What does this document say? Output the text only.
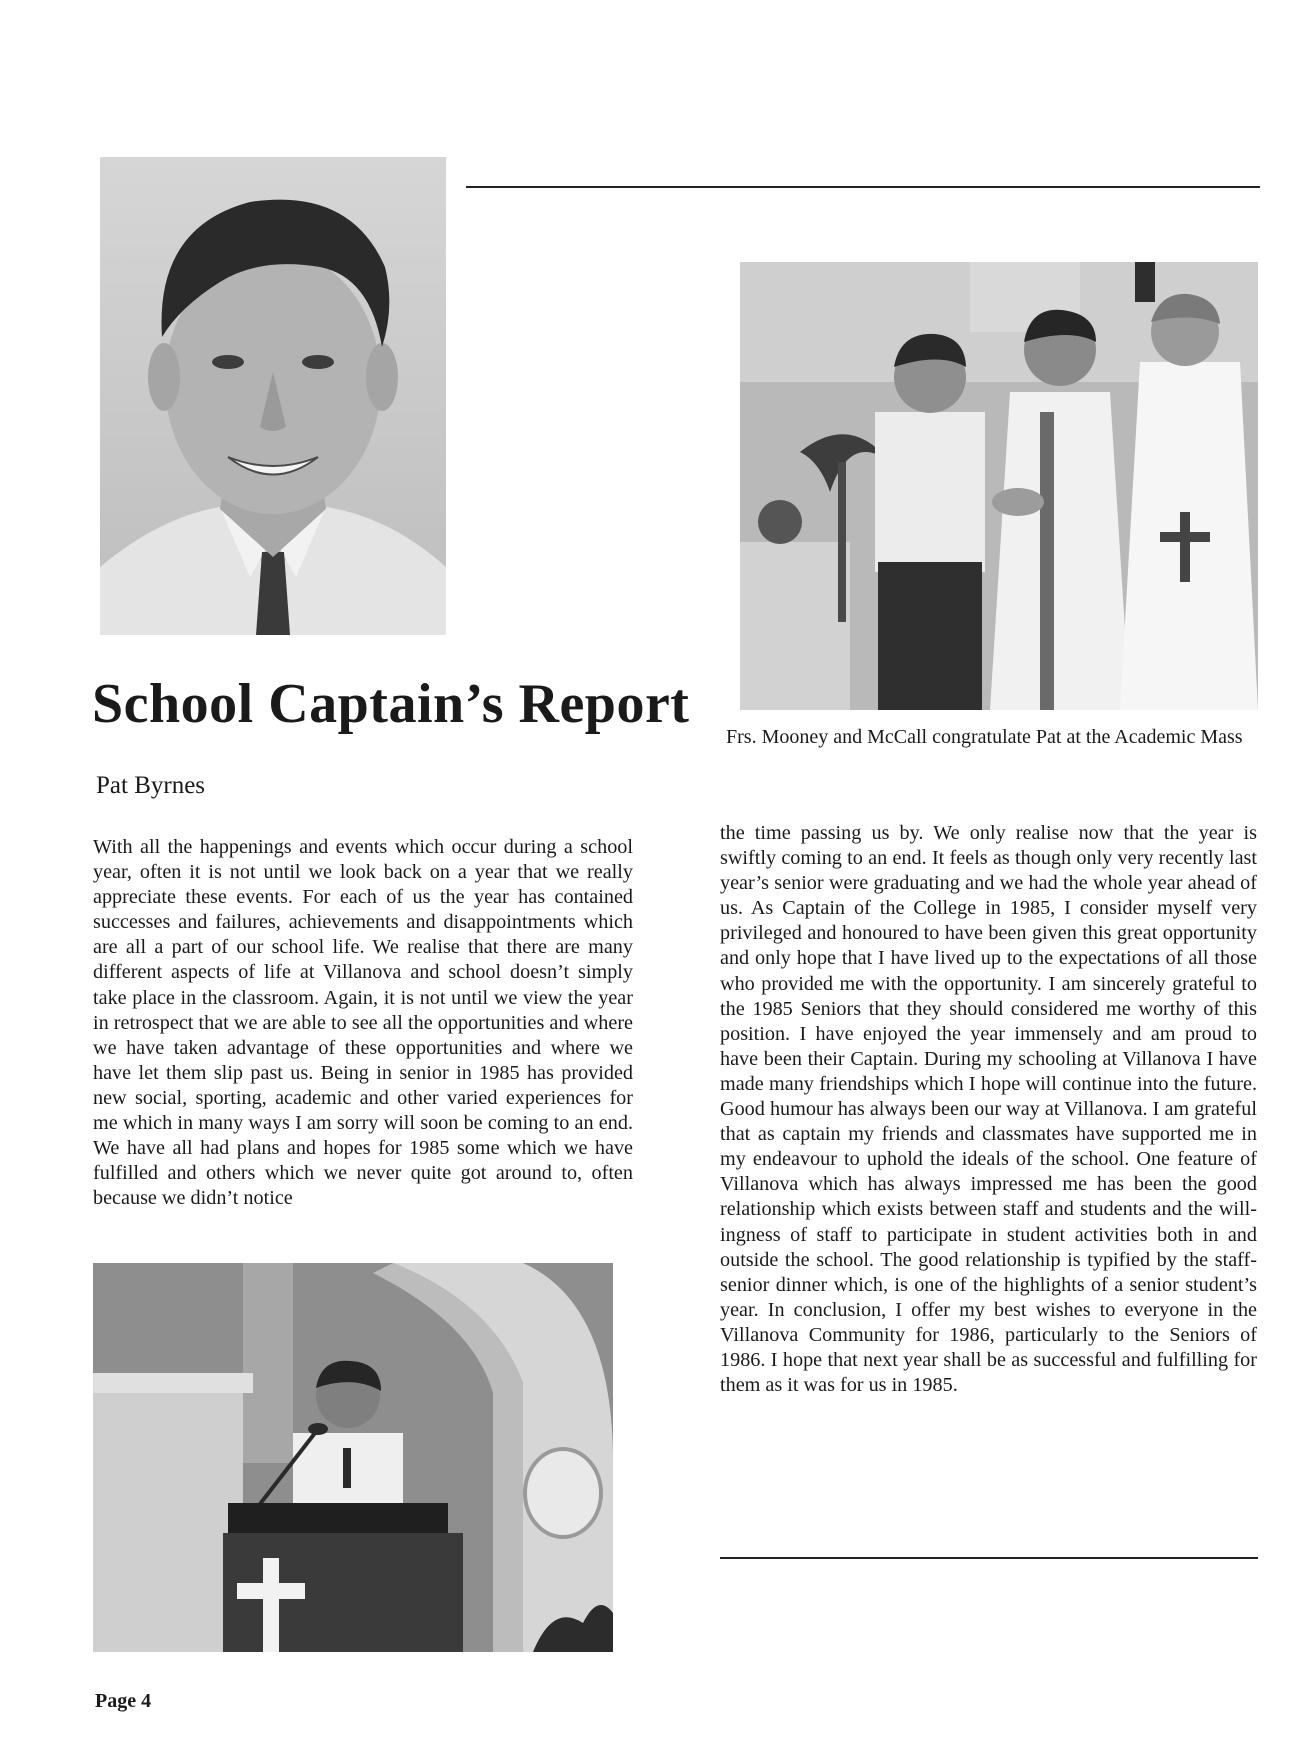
School Captain’s Report

Pat Byrnes

Frs. Mooney and McCall congratulate Pat at the Academic Mass

With all the happenings and events which occur during a school year, often it is not until we look back on a year that we really appreciate these events. For each of us the year has contained successes and failures, achievements and disappointments which are all a part of our school life. We realise that there are many different aspects of life at Villanova and school doesn’t simply take place in the classroom. Again, it is not until we view the year in retrospect that we are able to see all the opportunities and where we have taken advantage of these opportunities and where we have let them slip past us. Being in senior in 1985 has provided new social, sporting, academic and other varied experiences for me which in many ways I am sorry will soon be coming to an end. We have all had plans and hopes for 1985 some which we have fulfilled and others which we never quite got around to, often because we didn’t notice

the time passing us by. We only realise now that the year is swiftly coming to an end. It feels as though only very recently last year’s senior were graduating and we had the whole year ahead of us. As Captain of the College in 1985, I consider myself very privileged and honoured to have been given this great opportunity and only hope that I have lived up to the expectations of all those who provided me with the opportunity. I am sincerely grateful to the 1985 Seniors that they should considered me worthy of this position. I have enjoyed the year immensely and am proud to have been their Captain. During my schooling at Villanova I have made many friendships which I hope will continue into the future. Good humour has always been our way at Villanova. I am grateful that as captain my friends and classmates have supported me in my endeavour to uphold the ideals of the school. One feature of Villanova which has always impressed me has been the good relationship which exists between staff and students and the willingness of staff to participate in student activities both in and outside the school. The good relationship is typified by the staff-senior dinner which, is one of the highlights of a senior student’s year. In conclusion, I offer my best wishes to everyone in the Villanova Community for 1986, particularly to the Seniors of 1986. I hope that next year shall be as successful and fulfilling for them as it was for us in 1985.

Page 4
